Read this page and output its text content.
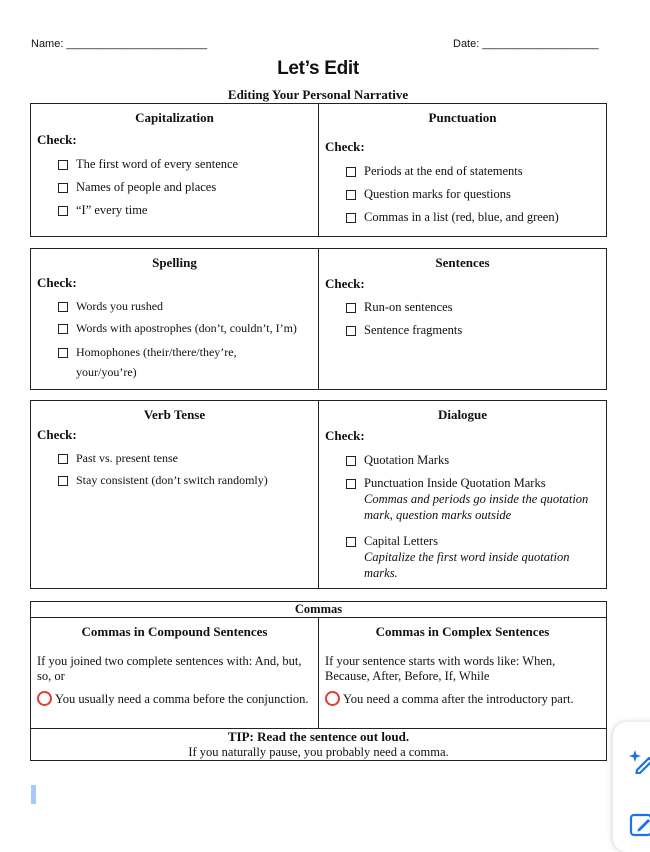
Name: _______________________	Date: ___________________
Let’s Edit
Editing Your Personal Narrative
Capitalization
Check:
The first word of every sentence
Names of people and places
“I” every time

Punctuation
Check:
Periods at the end of statements
Question marks for questions
Commas in a list (red, blue, and green)
Spelling
Check:
Words you rushed
Words with apostrophes (don’t, couldn’t, I’m)
Homophones (their/there/they’re, your/you’re)

Sentences
Check:
Run-on sentences
Sentence fragments
Verb Tense
Check:
Past vs. present tense
Stay consistent (don’t switch randomly)

Dialogue
Check:
Quotation Marks
Punctuation Inside Quotation Marks
Commas and periods go inside the quotation mark, question marks outside
Capital Letters
Capitalize the first word inside quotation marks.
Commas

Commas in Compound Sentences
If you joined two complete sentences with: And, but, so, or
You usually need a comma before the conjunction.

Commas in Complex Sentences
If your sentence starts with words like: When, Because, After, Before, If, While
You need a comma after the introductory part.

TIP: Read the sentence out loud.
If you naturally pause, you probably need a comma.
